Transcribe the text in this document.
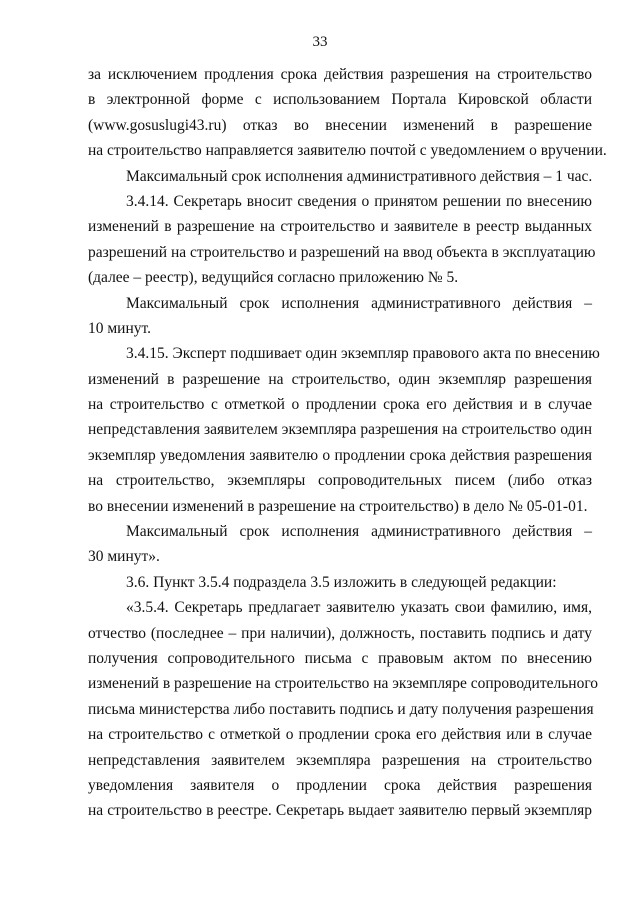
33
за исключением продления срока действия разрешения на строительство
в электронной форме с использованием Портала Кировской области
(www.gosuslugi43.ru) отказ во внесении изменений в разрешение
на строительство направляется заявителю почтой с уведомлением о вручении.
Максимальный срок исполнения административного действия – 1 час.
3.4.14. Секретарь вносит сведения о принятом решении по внесению
изменений в разрешение на строительство и заявителе в реестр выданных
разрешений на строительство и разрешений на ввод объекта в эксплуатацию
(далее – реестр), ведущийся согласно приложению № 5.
Максимальный срок исполнения административного действия –
10 минут.
3.4.15. Эксперт подшивает один экземпляр правового акта по внесению
изменений в разрешение на строительство, один экземпляр разрешения
на строительство с отметкой о продлении срока его действия и в случае
непредставления заявителем экземпляра разрешения на строительство один
экземпляр уведомления заявителю о продлении срока действия разрешения
на строительство, экземпляры сопроводительных писем (либо отказ
во внесении изменений в разрешение на строительство) в дело № 05-01-01.
Максимальный срок исполнения административного действия –
30 минут».
3.6. Пункт 3.5.4 подраздела 3.5 изложить в следующей редакции:
«3.5.4. Секретарь предлагает заявителю указать свои фамилию, имя,
отчество (последнее – при наличии), должность, поставить подпись и дату
получения сопроводительного письма с правовым актом по внесению
изменений в разрешение на строительство на экземпляре сопроводительного
письма министерства либо поставить подпись и дату получения разрешения
на строительство с отметкой о продлении срока его действия или в случае
непредставления заявителем экземпляра разрешения на строительство
уведомления заявителя о продлении срока действия разрешения
на строительство в реестре. Секретарь выдает заявителю первый экземпляр
